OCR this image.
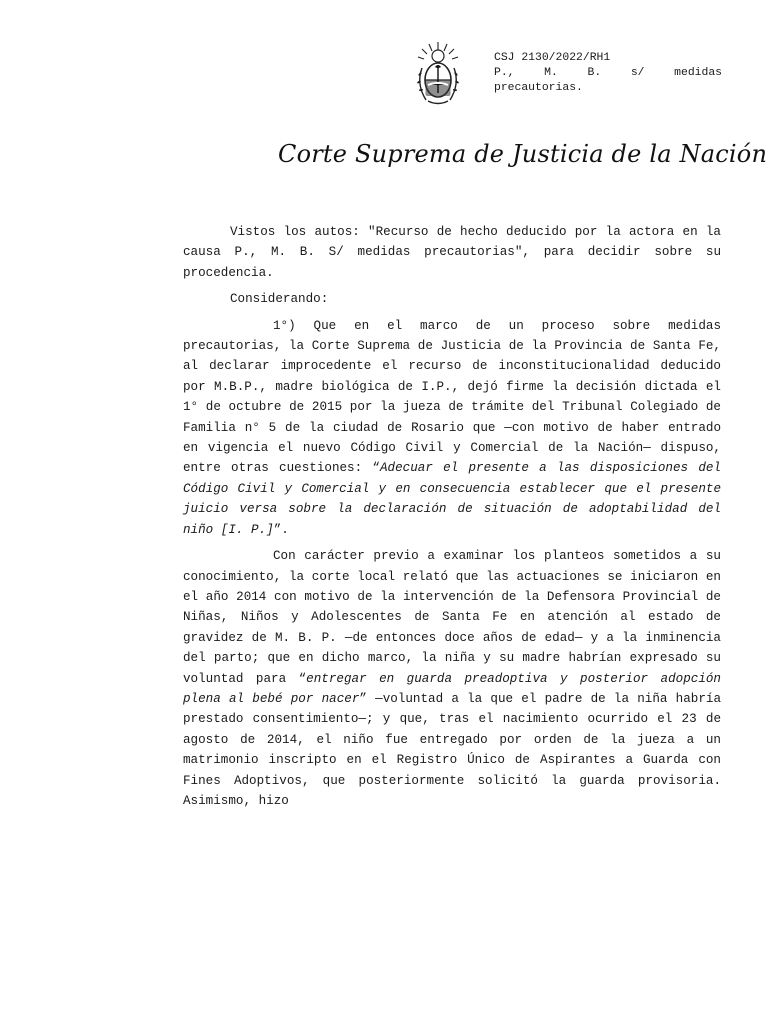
CSJ 2130/2022/RH1
P., M. B. s/ medidas
precautorias.
Corte Suprema de Justicia de la Nación

Vistos los autos: "Recurso de hecho deducido por la actora en la causa P., M. B. S/ medidas precautorias", para decidir sobre su procedencia.

Considerando:

1°) Que en el marco de un proceso sobre medidas precautorias, la Corte Suprema de Justicia de la Provincia de Santa Fe, al declarar improcedente el recurso de inconstitucionalidad deducido por M.B.P., madre biológica de I.P., dejó firme la decisión dictada el 1° de octubre de 2015 por la jueza de trámite del Tribunal Colegiado de Familia n° 5 de la ciudad de Rosario que —con motivo de haber entrado en vigencia el nuevo Código Civil y Comercial de la Nación— dispuso, entre otras cuestiones: “Adecuar el presente a las disposiciones del Código Civil y Comercial y en consecuencia establecer que el presente juicio versa sobre la declaración de situación de adoptabilidad del niño [I. P.]”.

Con carácter previo a examinar los planteos sometidos a su conocimiento, la corte local relató que las actuaciones se iniciaron en el año 2014 con motivo de la intervención de la Defensora Provincial de Niñas, Niños y Adolescentes de Santa Fe en atención al estado de gravidez de M. B. P. —de entonces doce años de edad— y a la inminencia del parto; que en dicho marco, la niña y su madre habrían expresado su voluntad para “entregar en guarda preadoptiva y posterior adopción plena al bebé por nacer” —voluntad a la que el padre de la niña habría prestado consentimiento—; y que, tras el nacimiento ocurrido el 23 de agosto de 2014, el niño fue entregado por orden de la jueza a un matrimonio inscripto en el Registro Único de Aspirantes a Guarda con Fines Adoptivos, que posteriormente solicitó la guarda provisoria. Asimismo, hizo
